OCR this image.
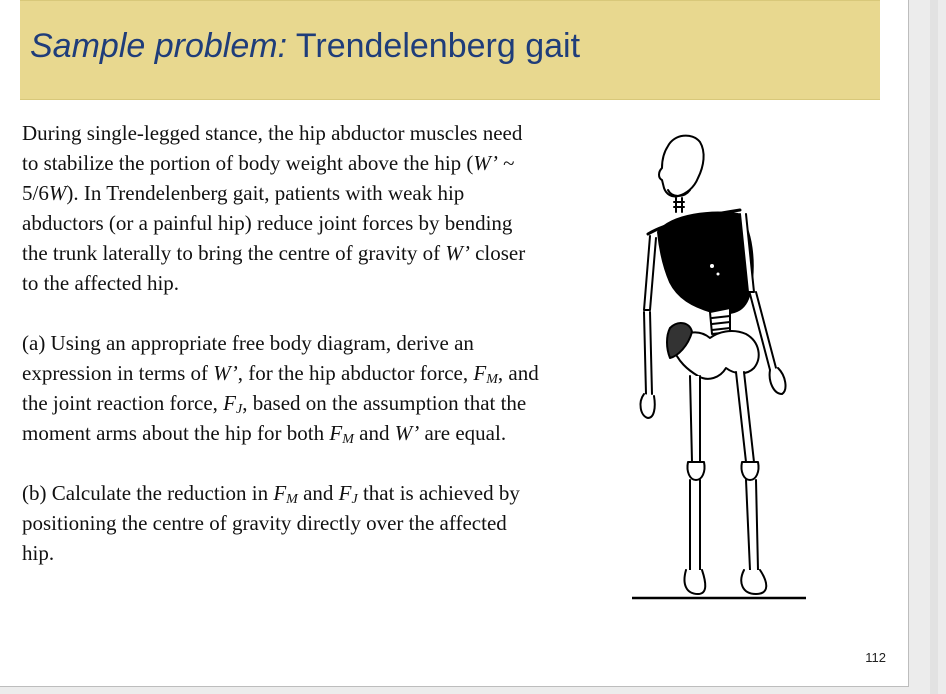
Sample problem: Trendelenberg gait

During single-legged stance, the hip abductor muscles need to stabilize the portion of body weight above the hip (W’ ~ 5/6W). In Trendelenberg gait, patients with weak hip abductors (or a painful hip) reduce joint forces by bending the trunk laterally to bring the centre of gravity of W’ closer to the affected hip.

(a) Using an appropriate free body diagram, derive an expression in terms of W’, for the hip abductor force, $F_M$, and the joint reaction force, $F_J$, based on the assumption that the moment arms about the hip for both $F_M$ and W’ are equal.

(b) Calculate the reduction in $F_M$ and $F_J$ that is achieved by positioning the centre of gravity directly over the affected hip.

112
